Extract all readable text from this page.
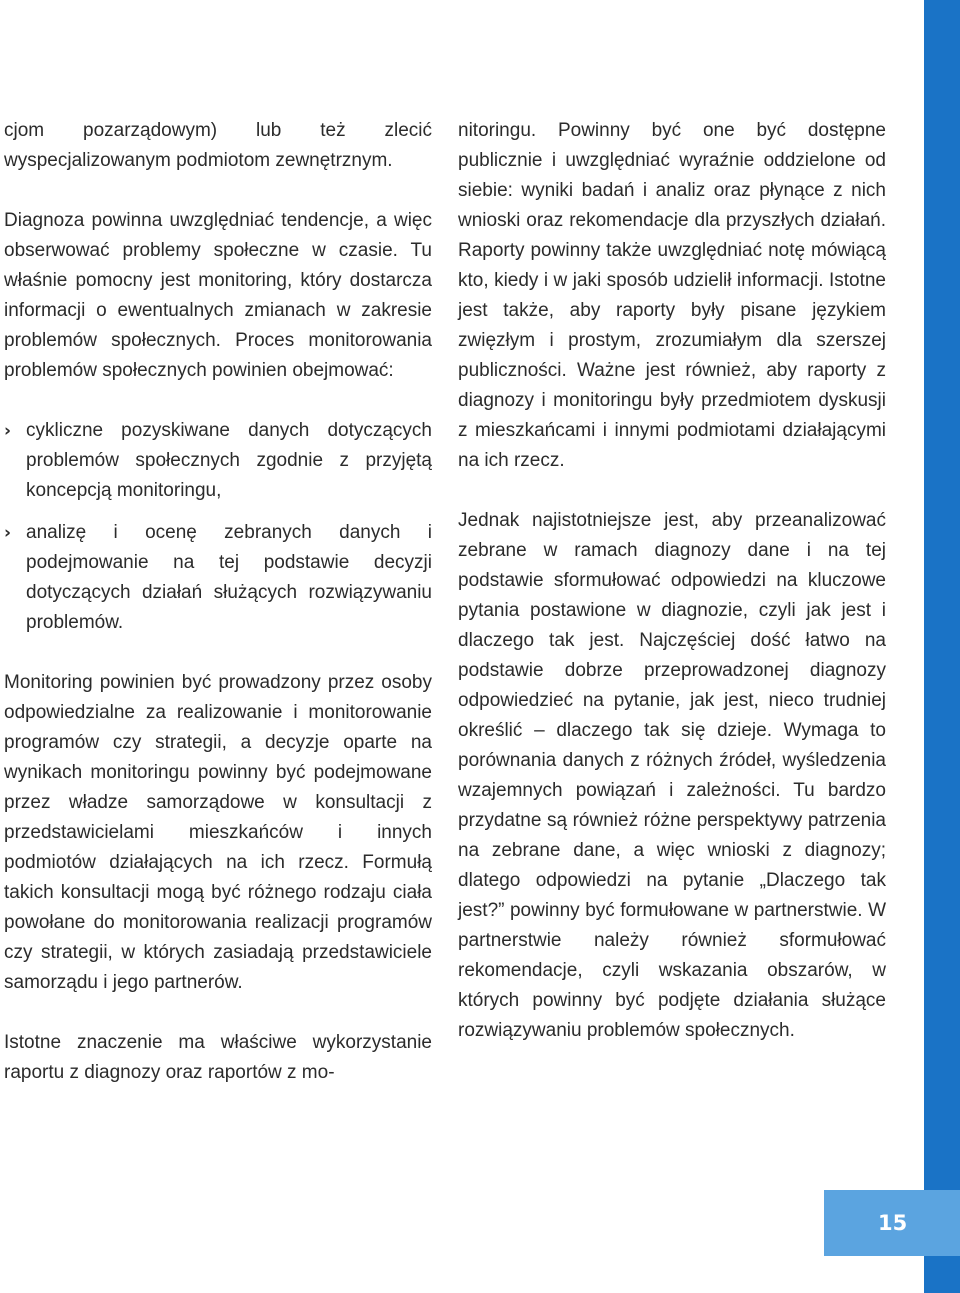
15

cjom pozarządowym) lub też zlecić wyspecjalizowanym podmiotom zewnętrznym.

Diagnoza powinna uwzględniać tendencje, a więc obserwować problemy społeczne w czasie. Tu właśnie pomocny jest monitoring, który dostarcza informacji o ewentualnych zmianach w zakresie problemów społecznych. Proces monitorowania problemów społecznych powinien obejmować:

› cykliczne pozyskiwane danych dotyczących problemów społecznych zgodnie z przyjętą koncepcją monitoringu,
› analizę i ocenę zebranych danych i podejmowanie na tej podstawie decyzji dotyczących działań służących rozwiązywaniu problemów.

Monitoring powinien być prowadzony przez osoby odpowiedzialne za realizowanie i monitorowanie programów czy strategii, a decyzje oparte na wynikach monitoringu powinny być podejmowane przez władze samorządowe w konsultacji z przedstawicielami mieszkańców i innych podmiotów działających na ich rzecz. Formułą takich konsultacji mogą być różnego rodzaju ciała powołane do monitorowania realizacji programów czy strategii, w których zasiadają przedstawiciele samorządu i jego partnerów.

Istotne znaczenie ma właściwe wykorzystanie raportu z diagnozy oraz raportów z mo-

nitoringu. Powinny być one być dostępne publicznie i uwzględniać wyraźnie oddzielone od siebie: wyniki badań i analiz oraz płynące z nich wnioski oraz rekomendacje dla przyszłych działań. Raporty powinny także uwzględniać notę mówiącą kto, kiedy i w jaki sposób udzielił informacji. Istotne jest także, aby raporty były pisane językiem zwięzłym i prostym, zrozumiałym dla szerszej publiczności. Ważne jest również, aby raporty z diagnozy i monitoringu były przedmiotem dyskusji z mieszkańcami i innymi podmiotami działającymi na ich rzecz.

Jednak najistotniejsze jest, aby przeanalizować zebrane w ramach diagnozy dane i na tej podstawie sformułować odpowiedzi na kluczowe pytania postawione w diagnozie, czyli jak jest i dlaczego tak jest. Najczęściej dość łatwo na podstawie dobrze przeprowadzonej diagnozy odpowiedzieć na pytanie, jak jest, nieco trudniej określić – dlaczego tak się dzieje. Wymaga to porównania danych z różnych źródeł, wyśledzenia wzajemnych powiązań i zależności. Tu bardzo przydatne są również różne perspektywy patrzenia na zebrane dane, a więc wnioski z diagnozy; dlatego odpowiedzi na pytanie „Dlaczego tak jest?” powinny być formułowane w partnerstwie. W partnerstwie należy również sformułować rekomendacje, czyli wskazania obszarów, w których powinny być podjęte działania służące rozwiązywaniu problemów społecznych.
